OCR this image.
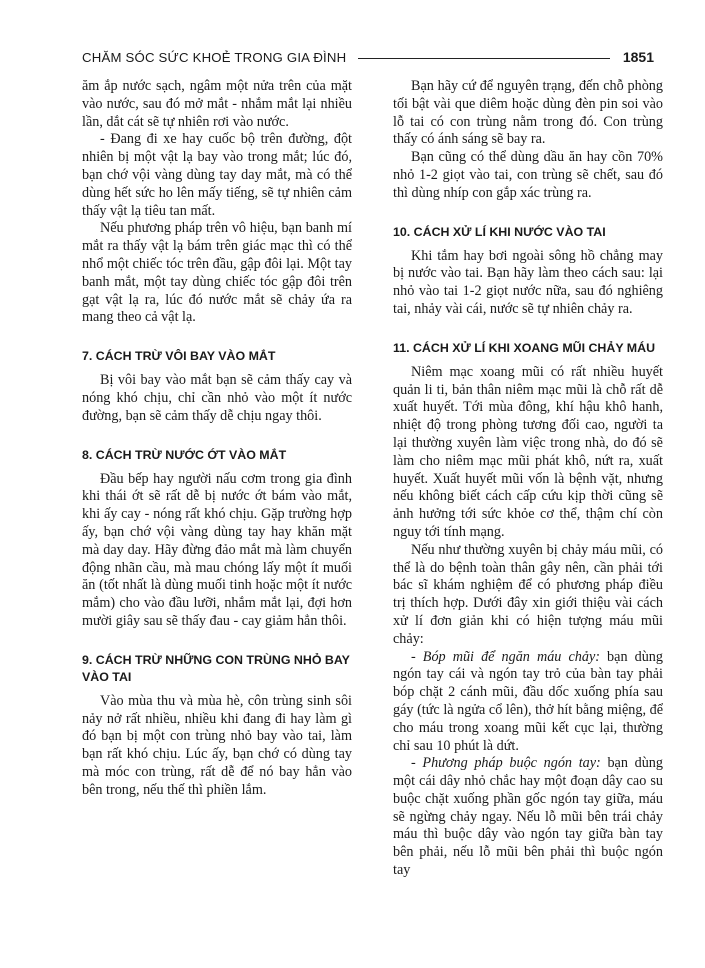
CHĂM SÓC SỨC KHOẺ TRONG GIA ĐÌNH	1851

ăm ắp nước sạch, ngâm một nửa trên của mặt vào nước, sau đó mở mắt - nhắm mắt lại nhiều lần, dắt cát sẽ tự nhiên rơi vào nước.

- Đang đi xe hay cuốc bộ trên đường, đột nhiên bị một vật lạ bay vào trong mắt; lúc đó, bạn chớ vội vàng dùng tay day mắt, mà có thể dùng hết sức ho lên mấy tiếng, sẽ tự nhiên cảm thấy vật lạ tiêu tan mất.

Nếu phương pháp trên vô hiệu, bạn banh mí mắt ra thấy vật lạ bám trên giác mạc thì có thể nhổ một chiếc tóc trên đầu, gập đôi lại. Một tay banh mắt, một tay dùng chiếc tóc gập đôi trên gạt vật lạ ra, lúc đó nước mắt sẽ chảy ứa ra mang theo cả vật lạ.

7. CÁCH TRỪ VÔI BAY VÀO MẮT

Bị vôi bay vào mắt bạn sẽ cảm thấy cay và nóng khó chịu, chỉ cần nhỏ vào một ít nước đường, bạn sẽ cảm thấy dễ chịu ngay thôi.

8. CÁCH TRỪ NƯỚC ỚT VÀO MẮT

Đầu bếp hay người nấu cơm trong gia đình khi thái ớt sẽ rất dễ bị nước ớt bám vào mắt, khi ấy cay - nóng rất khó chịu. Gặp trường hợp ấy, bạn chớ vội vàng dùng tay hay khăn mặt mà day day. Hãy đừng đảo mắt mà làm chuyển động nhãn cầu, mà mau chóng lấy một ít muối ăn (tốt nhất là dùng muối tinh hoặc một ít nước mắm) cho vào đầu lưỡi, nhắm mắt lại, đợi hơn mười giây sau sẽ thấy đau - cay giảm hẳn thôi.

9. CÁCH TRỪ NHỮNG CON TRÙNG NHỎ BAY VÀO TAI

Vào mùa thu và mùa hè, côn trùng sinh sôi nảy nở rất nhiều, nhiều khi đang đi hay làm gì đó bạn bị một con trùng nhỏ bay vào tai, làm bạn rất khó chịu. Lúc ấy, bạn chớ có dùng tay mà móc con trùng, rất dễ để nó bay hẳn vào bên trong, nếu thế thì phiền lắm.

Bạn hãy cứ để nguyên trạng, đến chỗ phòng tối bật vài que diêm hoặc dùng đèn pin soi vào lỗ tai có con trùng nằm trong đó. Con trùng thấy có ánh sáng sẽ bay ra.

Bạn cũng có thể dùng dầu ăn hay cồn 70% nhỏ 1-2 giọt vào tai, con trùng sẽ chết, sau đó thì dùng nhíp con gắp xác trùng ra.

10. CÁCH XỬ LÍ KHI NƯỚC VÀO TAI

Khi tắm hay bơi ngoài sông hồ chẳng may bị nước vào tai. Bạn hãy làm theo cách sau: lại nhỏ vào tai 1-2 giọt nước nữa, sau đó nghiêng tai, nhảy vài cái, nước sẽ tự nhiên chảy ra.

11. CÁCH XỬ LÍ KHI XOANG MŨI CHẢY MÁU

Niêm mạc xoang mũi có rất nhiều huyết quản li ti, bản thân niêm mạc mũi là chỗ rất dễ xuất huyết. Tới mùa đông, khí hậu khô hanh, nhiệt độ trong phòng tương đối cao, người ta lại thường xuyên làm việc trong nhà, do đó sẽ làm cho niêm mạc mũi phát khô, nứt ra, xuất huyết. Xuất huyết mũi vốn là bệnh vặt, nhưng nếu không biết cách cấp cứu kịp thời cũng sẽ ảnh hưởng tới sức khỏe cơ thể, thậm chí còn nguy tới tính mạng.

Nếu như thường xuyên bị chảy máu mũi, có thể là do bệnh toàn thân gây nên, cần phải tới bác sĩ khám nghiệm để có phương pháp điều trị thích hợp. Dưới đây xin giới thiệu vài cách xử lí đơn giản khi có hiện tượng máu mũi chảy:

- Bóp mũi để ngăn máu chảy: bạn dùng ngón tay cái và ngón tay trỏ của bàn tay phải bóp chặt 2 cánh mũi, đầu dốc xuống phía sau gáy (tức là ngửa cổ lên), thở hít bằng miệng, để cho máu trong xoang mũi kết cục lại, thường chỉ sau 10 phút là dứt.

- Phương pháp buộc ngón tay: bạn dùng một cái dây nhỏ chắc hay một đoạn dây cao su buộc chặt xuống phần gốc ngón tay giữa, máu sẽ ngừng chảy ngay. Nếu lỗ mũi bên trái chảy máu thì buộc dây vào ngón tay giữa bàn tay bên phải, nếu lỗ mũi bên phải thì buộc ngón tay
